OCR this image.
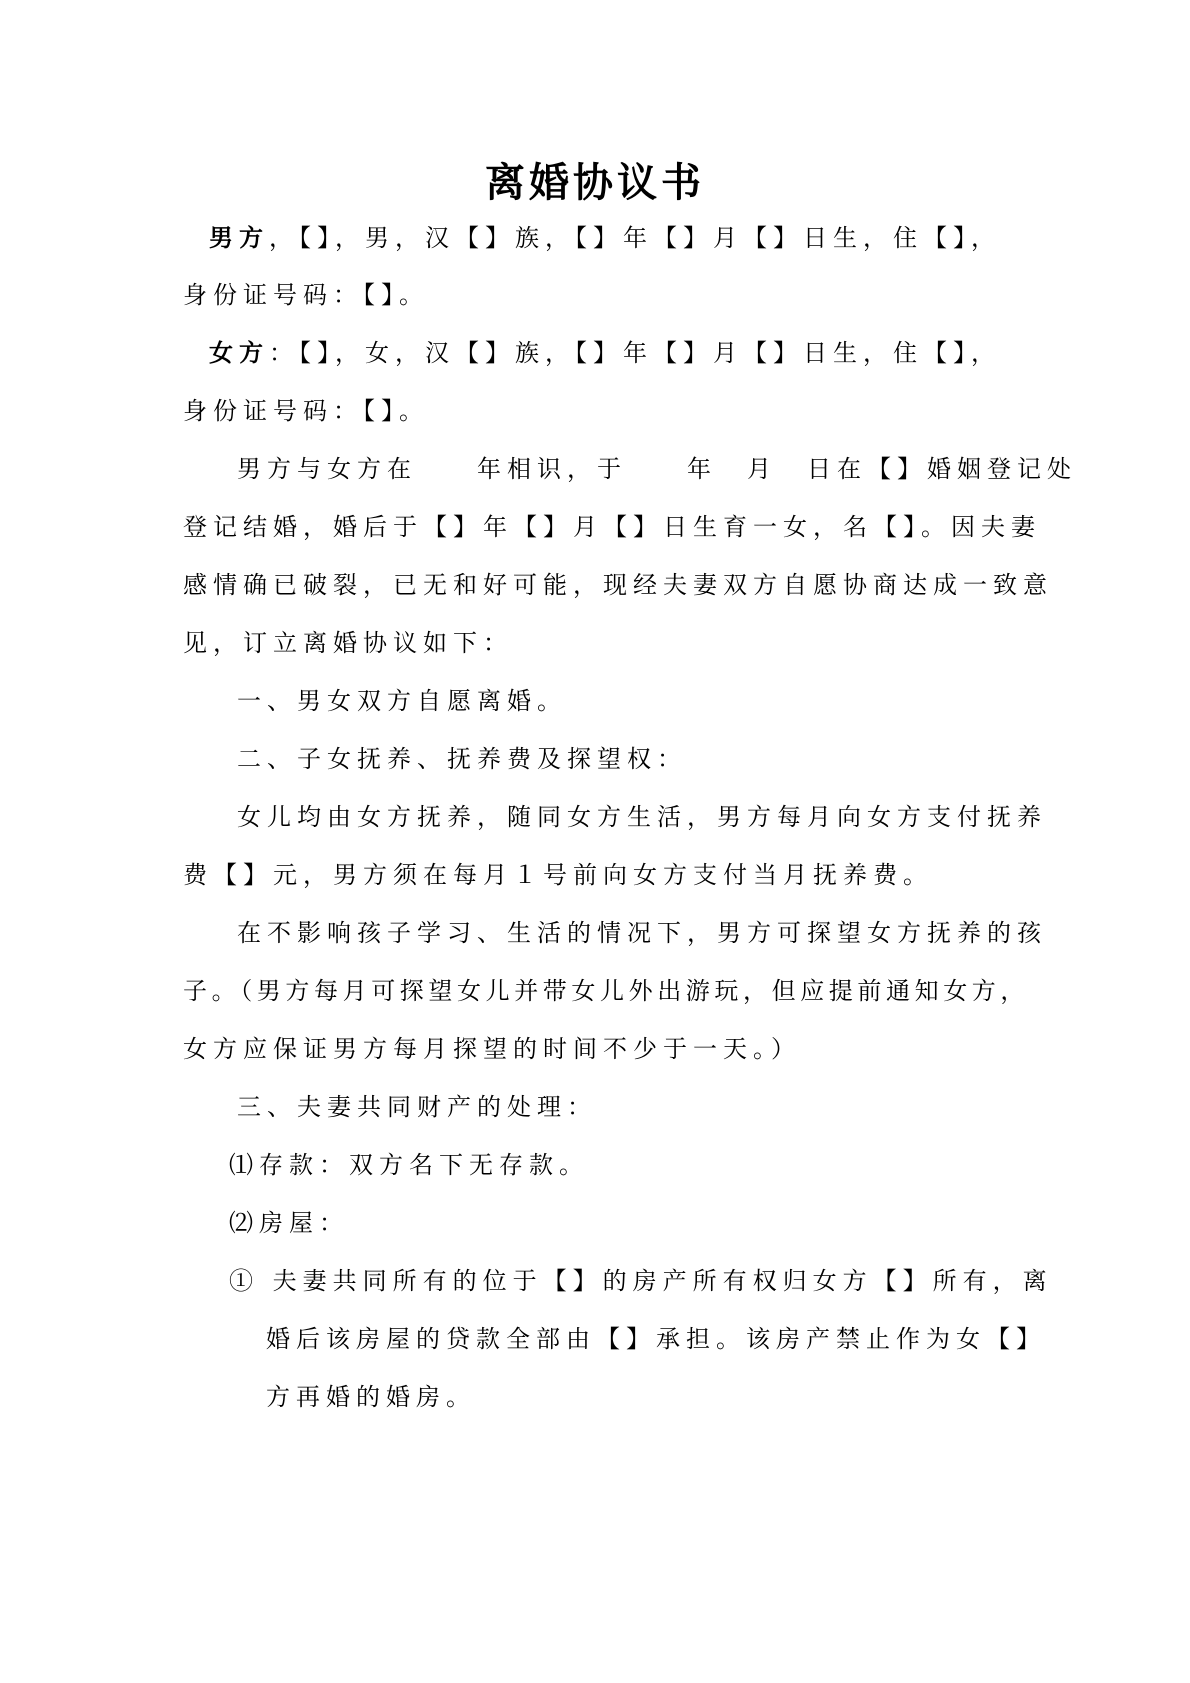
离婚协议书
男方，【】，男，汉【】族，【】年【】月【】日生，住【】，
身份证号码：【】。
女方：【】，女，汉【】族，【】年【】月【】日生，住【】，
身份证号码：【】。
男方与女方在　　年相识，于　　年　月　日在【】婚姻登记处
登记结婚，婚后于【】年【】月【】日生育一女，名【】。因夫妻
感情确已破裂，已无和好可能，现经夫妻双方自愿协商达成一致意
见，订立离婚协议如下：
一、男女双方自愿离婚。
二、子女抚养、抚养费及探望权：
女儿均由女方抚养，随同女方生活，男方每月向女方支付抚养
费【】元，男方须在每月１号前向女方支付当月抚养费。
在不影响孩子学习、生活的情况下，男方可探望女方抚养的孩
子。（男方每月可探望女儿并带女儿外出游玩，但应提前通知女方，
女方应保证男方每月探望的时间不少于一天。）
三、夫妻共同财产的处理：
⑴存款：双方名下无存款。
⑵房屋：
① 夫妻共同所有的位于【】的房产所有权归女方【】所有，离
婚后该房屋的贷款全部由【】承担。该房产禁止作为女【】
方再婚的婚房。
